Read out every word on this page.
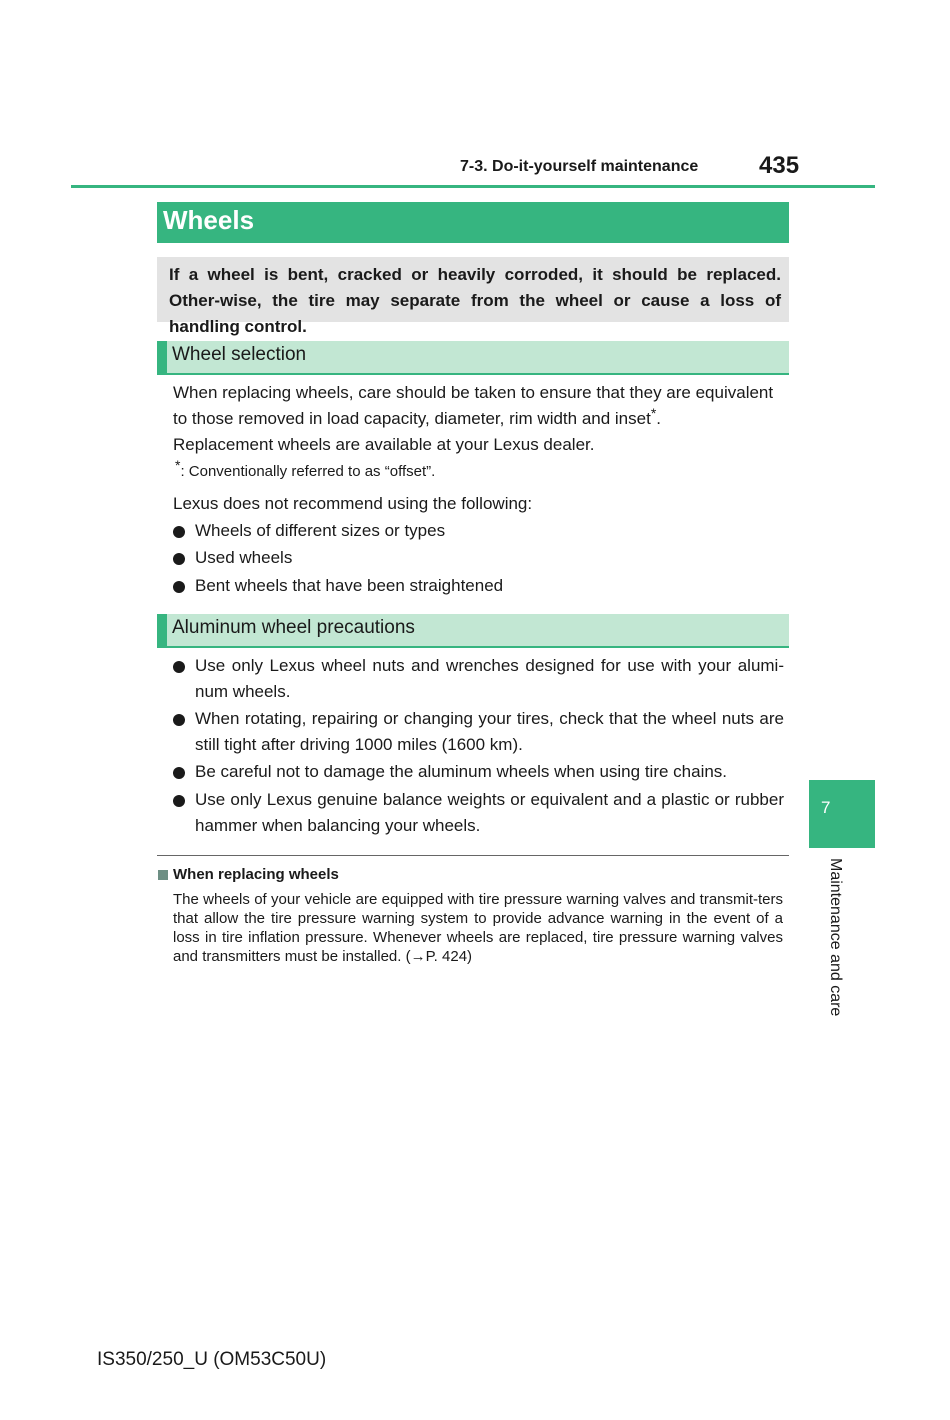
7-3. Do-it-yourself maintenance	435
Wheels
If a wheel is bent, cracked or heavily corroded, it should be replaced. Other-wise, the tire may separate from the wheel or cause a loss of handling control.
Wheel selection
When replacing wheels, care should be taken to ensure that they are equivalent
to those removed in load capacity, diameter, rim width and inset*.
Replacement wheels are available at your Lexus dealer.
*: Conventionally referred to as “offset”.
Lexus does not recommend using the following:
Wheels of different sizes or types
Used wheels
Bent wheels that have been straightened
Aluminum wheel precautions
Use only Lexus wheel nuts and wrenches designed for use with your alumi-num wheels.
When rotating, repairing or changing your tires, check that the wheel nuts are still tight after driving 1000 miles (1600 km).
Be careful not to damage the aluminum wheels when using tire chains.
Use only Lexus genuine balance weights or equivalent and a plastic or rubber hammer when balancing your wheels.
When replacing wheels
The wheels of your vehicle are equipped with tire pressure warning valves and transmit-ters that allow the tire pressure warning system to provide advance warning in the event of a loss in tire inflation pressure. Whenever wheels are replaced, tire pressure warning valves and transmitters must be installed. (→P. 424)
7
Maintenance and care
IS350/250_U (OM53C50U)
